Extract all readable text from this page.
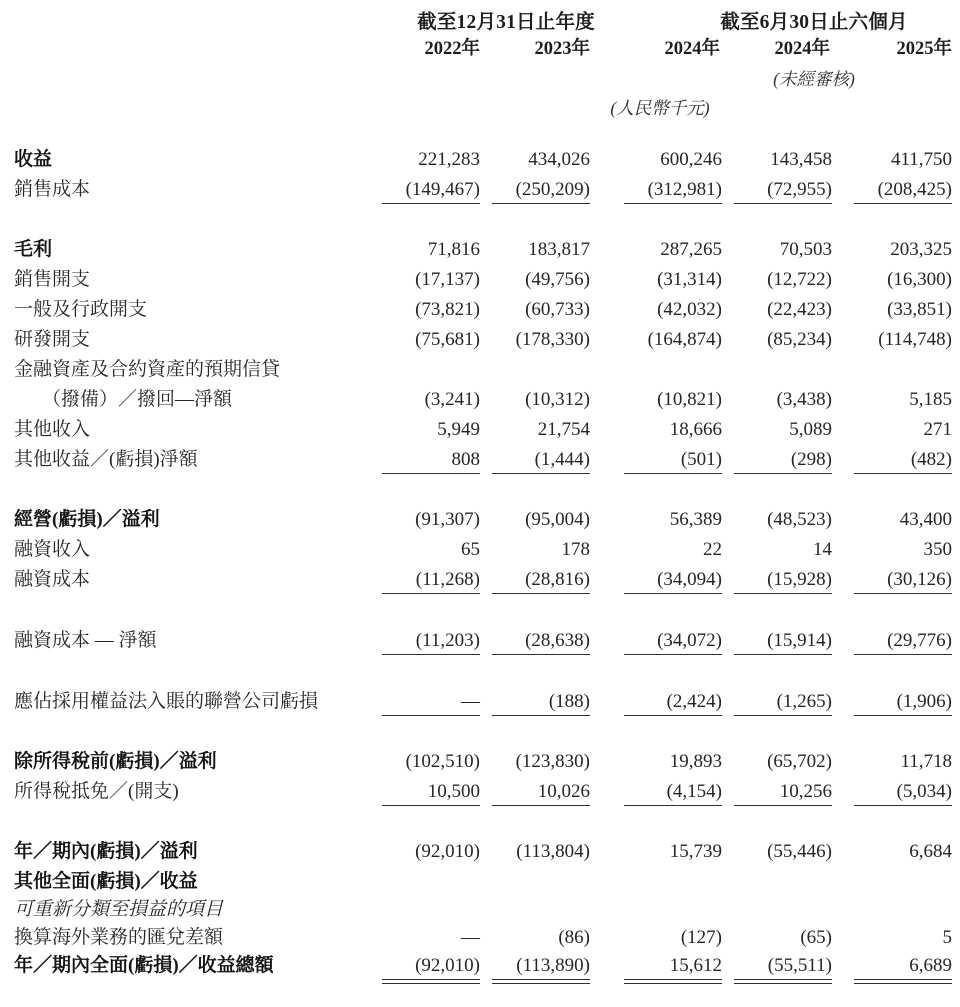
截至12月31日止年度	截至6月30日止六個月
2022年	2023年	2024年	2024年	2025年
(未經審核)
(人民幣千元)
收益	221,283	434,026	600,246	143,458	411,750
銷售成本	(149,467)	(250,209)	(312,981)	(72,955)	(208,425)
毛利	71,816	183,817	287,265	70,503	203,325
銷售開支	(17,137)	(49,756)	(31,314)	(12,722)	(16,300)
一般及行政開支	(73,821)	(60,733)	(42,032)	(22,423)	(33,851)
研發開支	(75,681)	(178,330)	(164,874)	(85,234)	(114,748)
金融資產及合約資產的預期信貸
（撥備）／撥回—淨額	(3,241)	(10,312)	(10,821)	(3,438)	5,185
其他收入	5,949	21,754	18,666	5,089	271
其他收益／(虧損)淨額	808	(1,444)	(501)	(298)	(482)
經營(虧損)／溢利	(91,307)	(95,004)	56,389	(48,523)	43,400
融資收入	65	178	22	14	350
融資成本	(11,268)	(28,816)	(34,094)	(15,928)	(30,126)
融資成本 — 淨額	(11,203)	(28,638)	(34,072)	(15,914)	(29,776)
應佔採用權益法入賬的聯營公司虧損	—	(188)	(2,424)	(1,265)	(1,906)
除所得稅前(虧損)／溢利	(102,510)	(123,830)	19,893	(65,702)	11,718
所得稅抵免／(開支)	10,500	10,026	(4,154)	10,256	(5,034)
年／期內(虧損)／溢利	(92,010)	(113,804)	15,739	(55,446)	6,684
其他全面(虧損)／收益
可重新分類至損益的項目
換算海外業務的匯兌差額	—	(86)	(127)	(65)	5
年／期內全面(虧損)／收益總額	(92,010)	(113,890)	15,612	(55,511)	6,689
